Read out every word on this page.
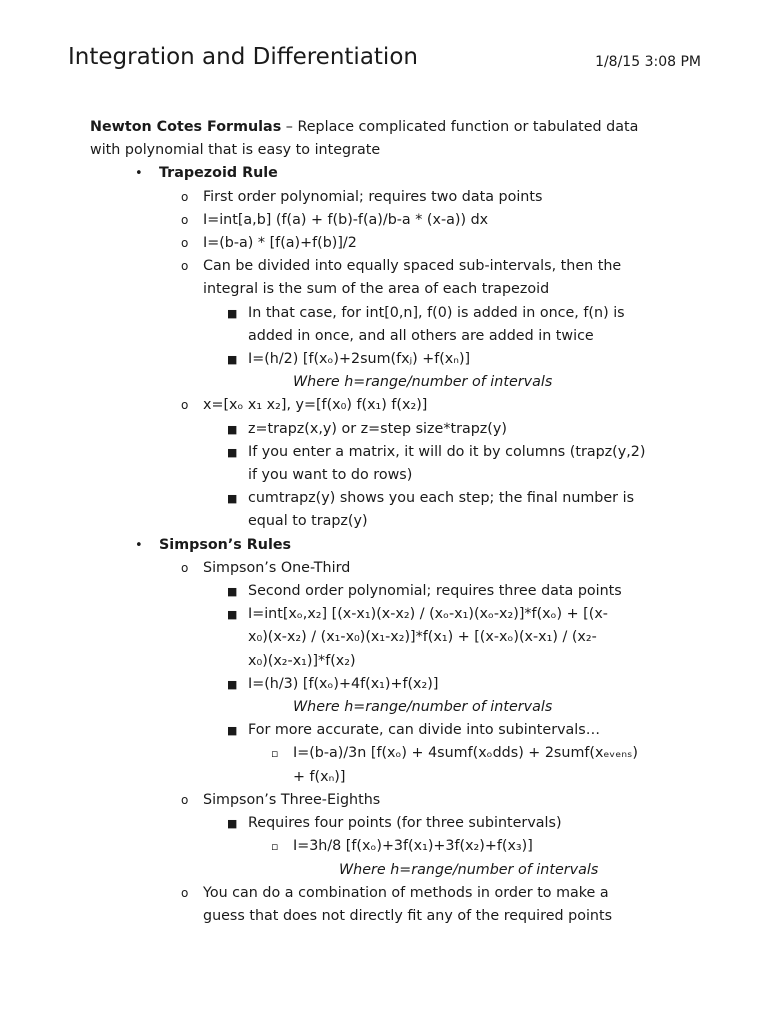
Integration and Differentiation	1/8/15 3:08 PM
Newton Cotes Formulas – Replace complicated function or tabulated data
with polynomial that is easy to integrate
• Trapezoid Rule
o First order polynomial; requires two data points
o I=int[a,b] (f(a) + f(b)-f(a)/b-a * (x-a)) dx
o I=(b-a) * [f(a)+f(b)]/2
o Can be divided into equally spaced sub-intervals, then the
integral is the sum of the area of each trapezoid
■ In that case, for int[0,n], f(0) is added in once, f(n) is
added in once, and all others are added in twice
■ I=(h/2) [f(xₒ)+2sum(fxⱼ) +f(xₙ)]
Where h=range/number of intervals
o x=[xₒ x₁ x₂], y=[f(x₀) f(x₁) f(x₂)]
■ z=trapz(x,y) or z=step size*trapz(y)
■ If you enter a matrix, it will do it by columns (trapz(y,2)
if you want to do rows)
■ cumtrapz(y) shows you each step; the final number is
equal to trapz(y)
• Simpson’s Rules
o Simpson’s One-Third
■ Second order polynomial; requires three data points
■ I=int[xₒ,x₂] [(x-x₁)(x-x₂) / (xₒ-x₁)(xₒ-x₂)]*f(xₒ) + [(x-
x₀)(x-x₂) / (x₁-x₀)(x₁-x₂)]*f(x₁) + [(x-xₒ)(x-x₁) / (x₂-
x₀)(x₂-x₁)]*f(x₂)
■ I=(h/3) [f(xₒ)+4f(x₁)+f(x₂)]
Where h=range/number of intervals
■ For more accurate, can divide into subintervals…
▫ I=(b-a)/3n [f(xₒ) + 4sumf(xₒdds) + 2sumf(xₑᵥₑₙₛ)
+ f(xₙ)]
o Simpson’s Three-Eighths
■ Requires four points (for three subintervals)
▫ I=3h/8 [f(xₒ)+3f(x₁)+3f(x₂)+f(x₃)]
Where h=range/number of intervals
o You can do a combination of methods in order to make a
guess that does not directly fit any of the required points
